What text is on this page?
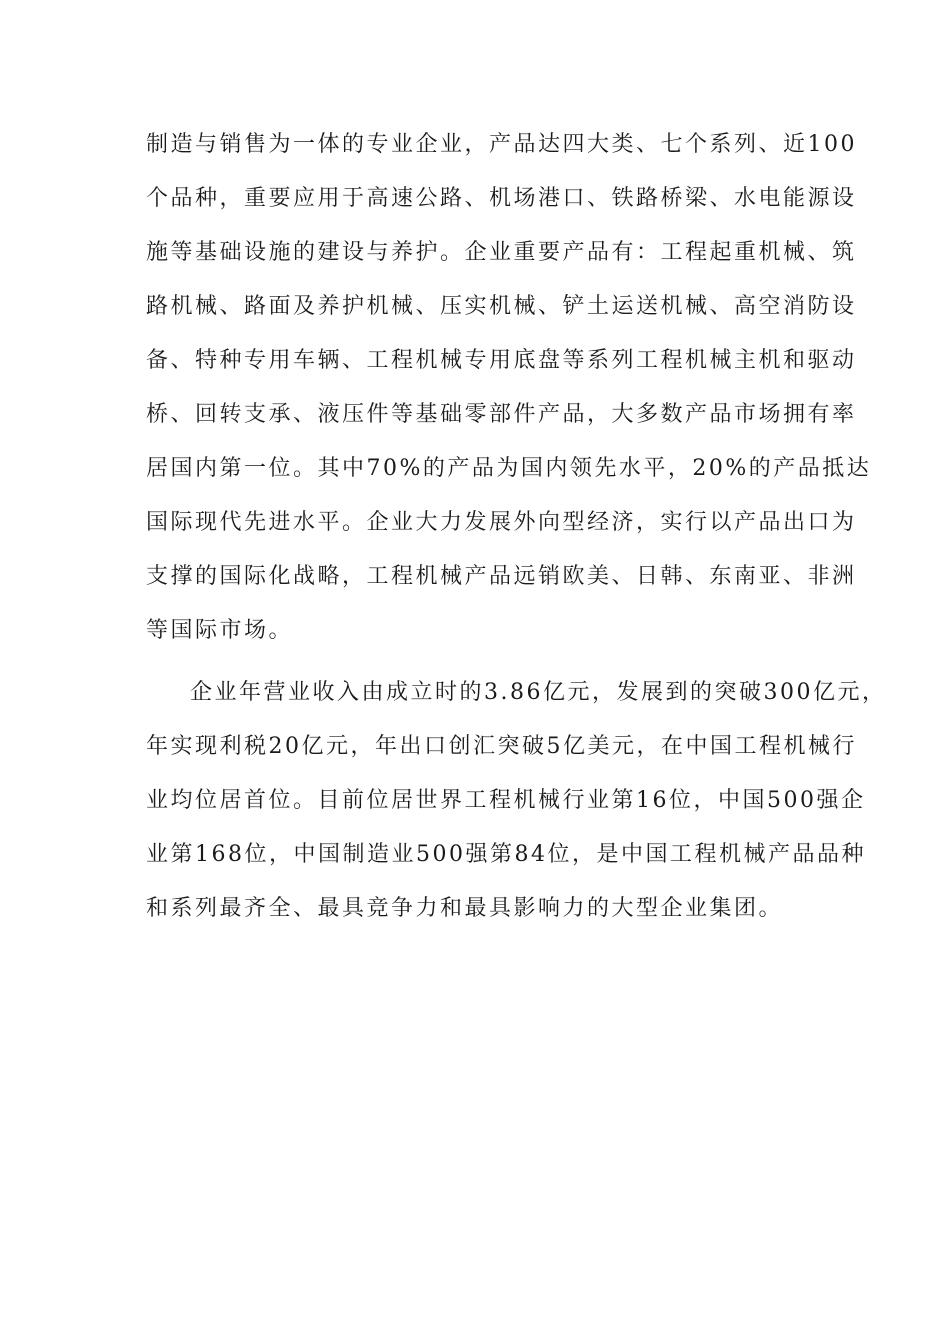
制造与销售为一体的专业企业，产品达四大类、七个系列、近100
个品种，重要应用于高速公路、机场港口、铁路桥梁、水电能源设
施等基础设施的建设与养护。企业重要产品有：工程起重机械、筑
路机械、路面及养护机械、压实机械、铲土运送机械、高空消防设
备、特种专用车辆、工程机械专用底盘等系列工程机械主机和驱动
桥、回转支承、液压件等基础零部件产品，大多数产品市场拥有率
居国内第一位。其中70%的产品为国内领先水平，20%的产品抵达
国际现代先进水平。企业大力发展外向型经济，实行以产品出口为
支撑的国际化战略，工程机械产品远销欧美、日韩、东南亚、非洲
等国际市场。
企业年营业收入由成立时的3.86亿元，发展到的突破300亿元，
年实现利税20亿元，年出口创汇突破5亿美元，在中国工程机械行
业均位居首位。目前位居世界工程机械行业第16位，中国500强企
业第168位，中国制造业500强第84位，是中国工程机械产品品种
和系列最齐全、最具竞争力和最具影响力的大型企业集团。
